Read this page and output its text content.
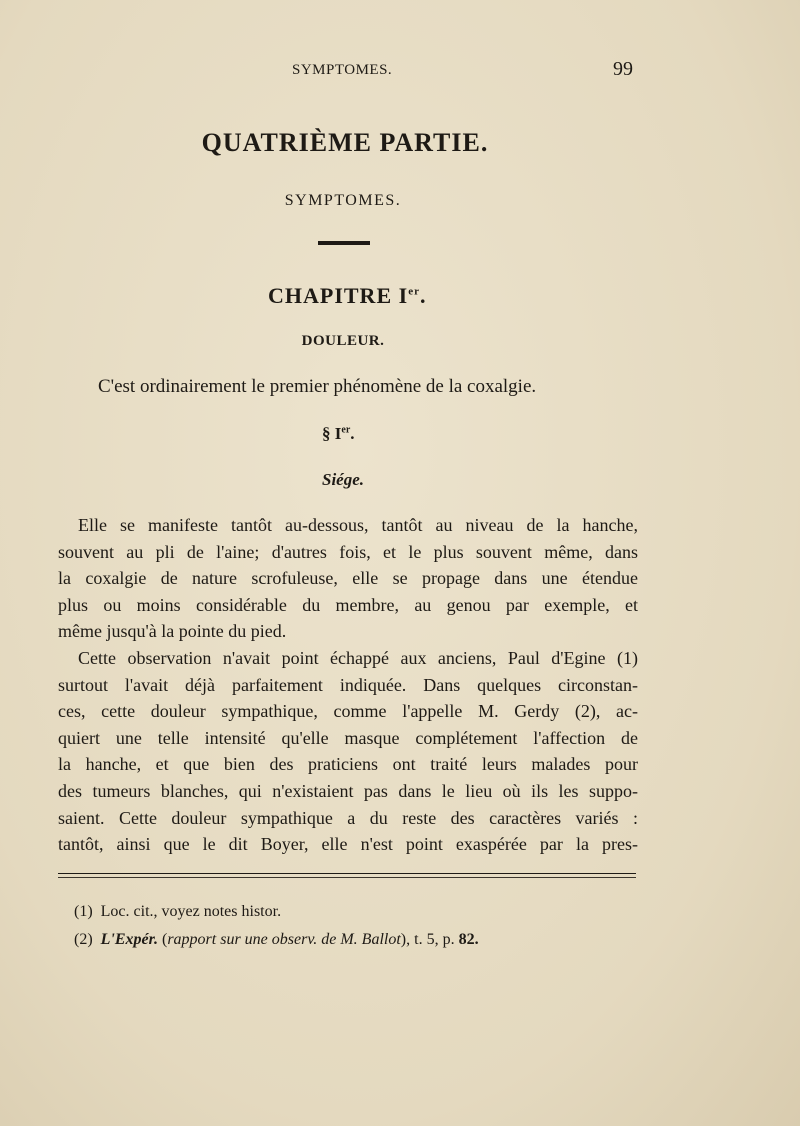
SYMPTOMES.	99
QUATRIÈME PARTIE.
SYMPTOMES.
CHAPITRE Ier.
DOULEUR.
C'est ordinairement le premier phénomène de la coxalgie.
§ Ier.
Siége.
Elle se manifeste tantôt au-dessous, tantôt au niveau de la hanche,
souvent au pli de l'aine; d'autres fois, et le plus souvent même, dans
la coxalgie de nature scrofuleuse, elle se propage dans une étendue
plus ou moins considérable du membre, au genou par exemple, et
même jusqu'à la pointe du pied.
Cette observation n'avait point échappé aux anciens, Paul d'Egine (1)
surtout l'avait déjà parfaitement indiquée. Dans quelques circonstan-
ces, cette douleur sympathique, comme l'appelle M. Gerdy (2), ac-
quiert une telle intensité qu'elle masque complétement l'affection de
la hanche, et que bien des praticiens ont traité leurs malades pour
des tumeurs blanches, qui n'existaient pas dans le lieu où ils les suppo-
saient. Cette douleur sympathique a du reste des caractères variés :
tantôt, ainsi que le dit Boyer, elle n'est point exaspérée par la pres-
(1) Loc. cit., voyez notes histor.
(2) L'Expér. (rapport sur une observ. de M. Ballot), t. 5, p. 82.
